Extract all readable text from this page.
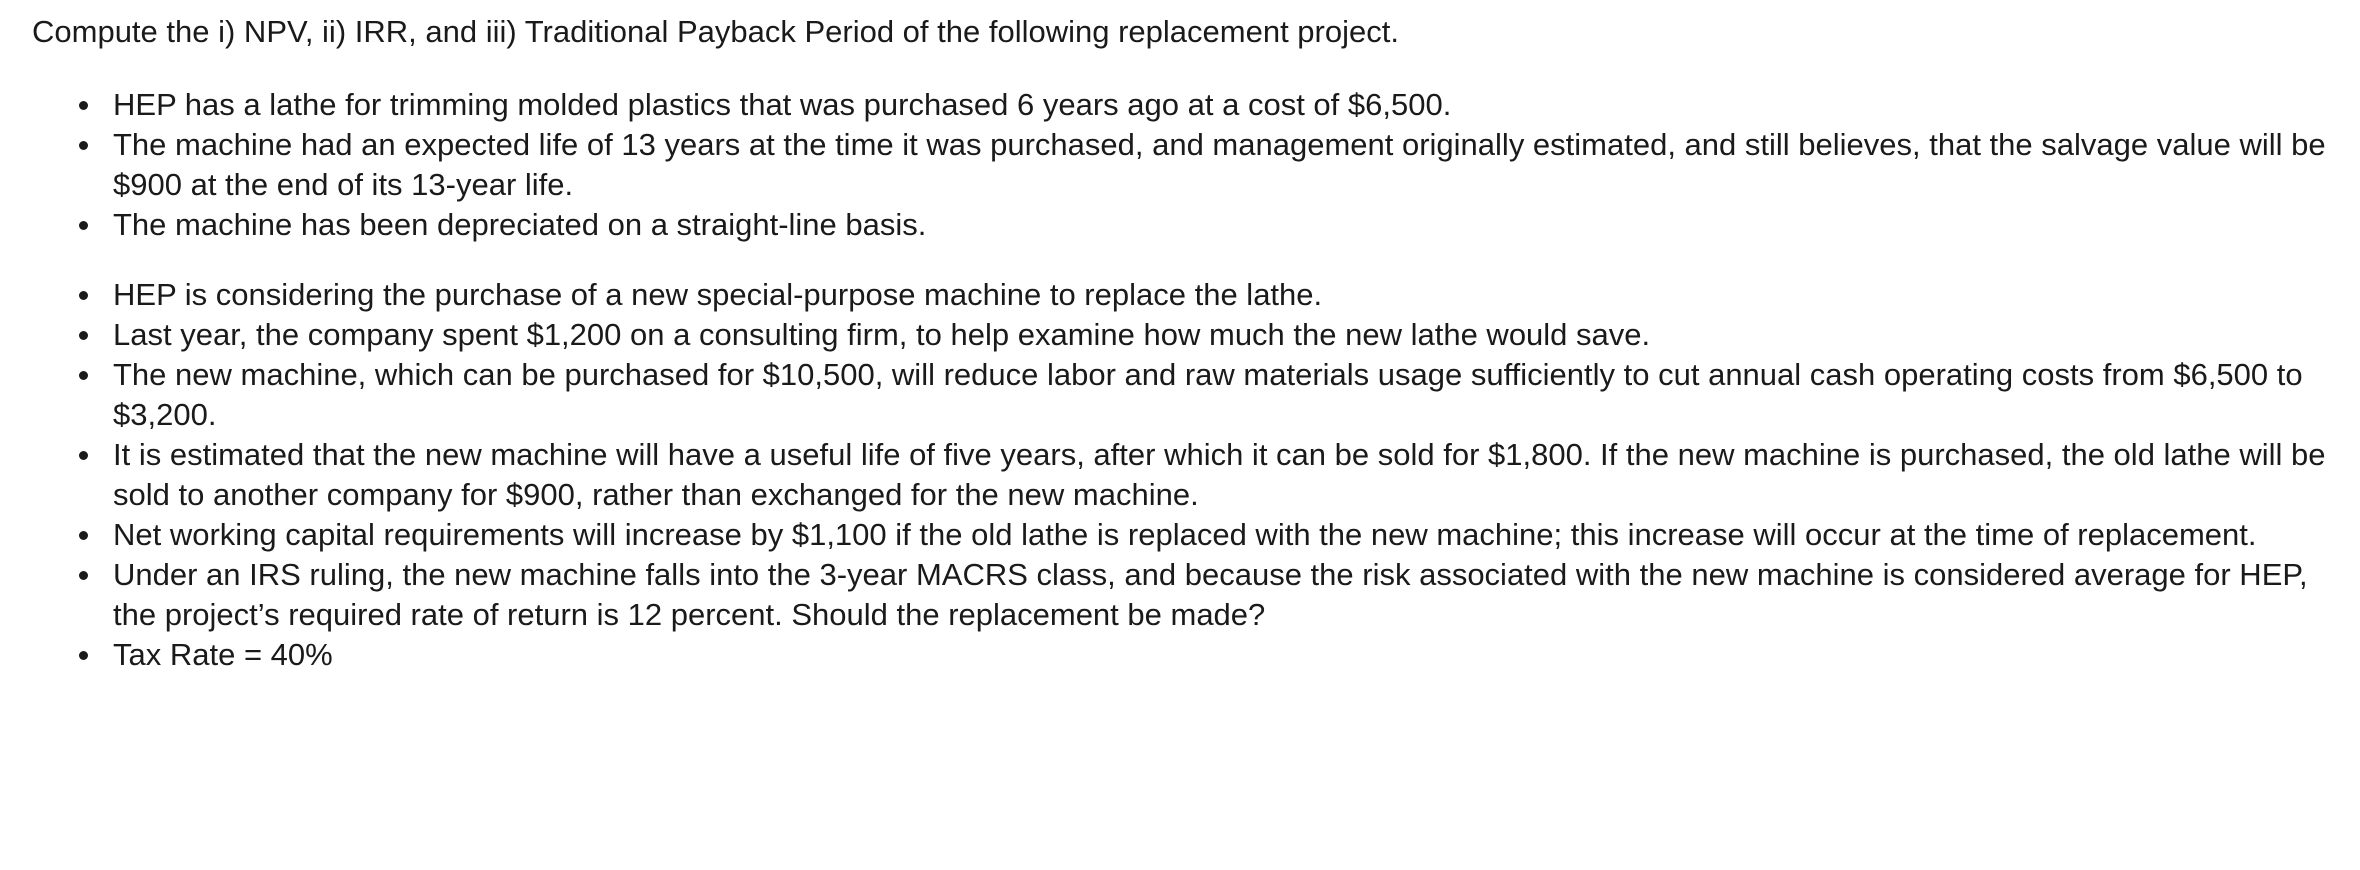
Compute the i) NPV, ii) IRR, and iii) Traditional Payback Period of the following replacement project.

HEP has a lathe for trimming molded plastics that was purchased 6 years ago at a cost of $6,500.
The machine had an expected life of 13 years at the time it was purchased, and management originally estimated, and still believes, that the salvage value will be $900 at the end of its 13-year life.
The machine has been depreciated on a straight-line basis.
HEP is considering the purchase of a new special-purpose machine to replace the lathe.
Last year, the company spent $1,200 on a consulting firm, to help examine how much the new lathe would save.
The new machine, which can be purchased for $10,500, will reduce labor and raw materials usage sufficiently to cut annual cash operating costs from $6,500 to $3,200.
It is estimated that the new machine will have a useful life of five years, after which it can be sold for $1,800. If the new machine is purchased, the old lathe will be sold to another company for $900, rather than exchanged for the new machine.
Net working capital requirements will increase by $1,100 if the old lathe is replaced with the new machine; this increase will occur at the time of replacement.
Under an IRS ruling, the new machine falls into the 3-year MACRS class, and because the risk associated with the new machine is considered average for HEP, the project’s required rate of return is 12 percent. Should the replacement be made?
Tax Rate = 40%
